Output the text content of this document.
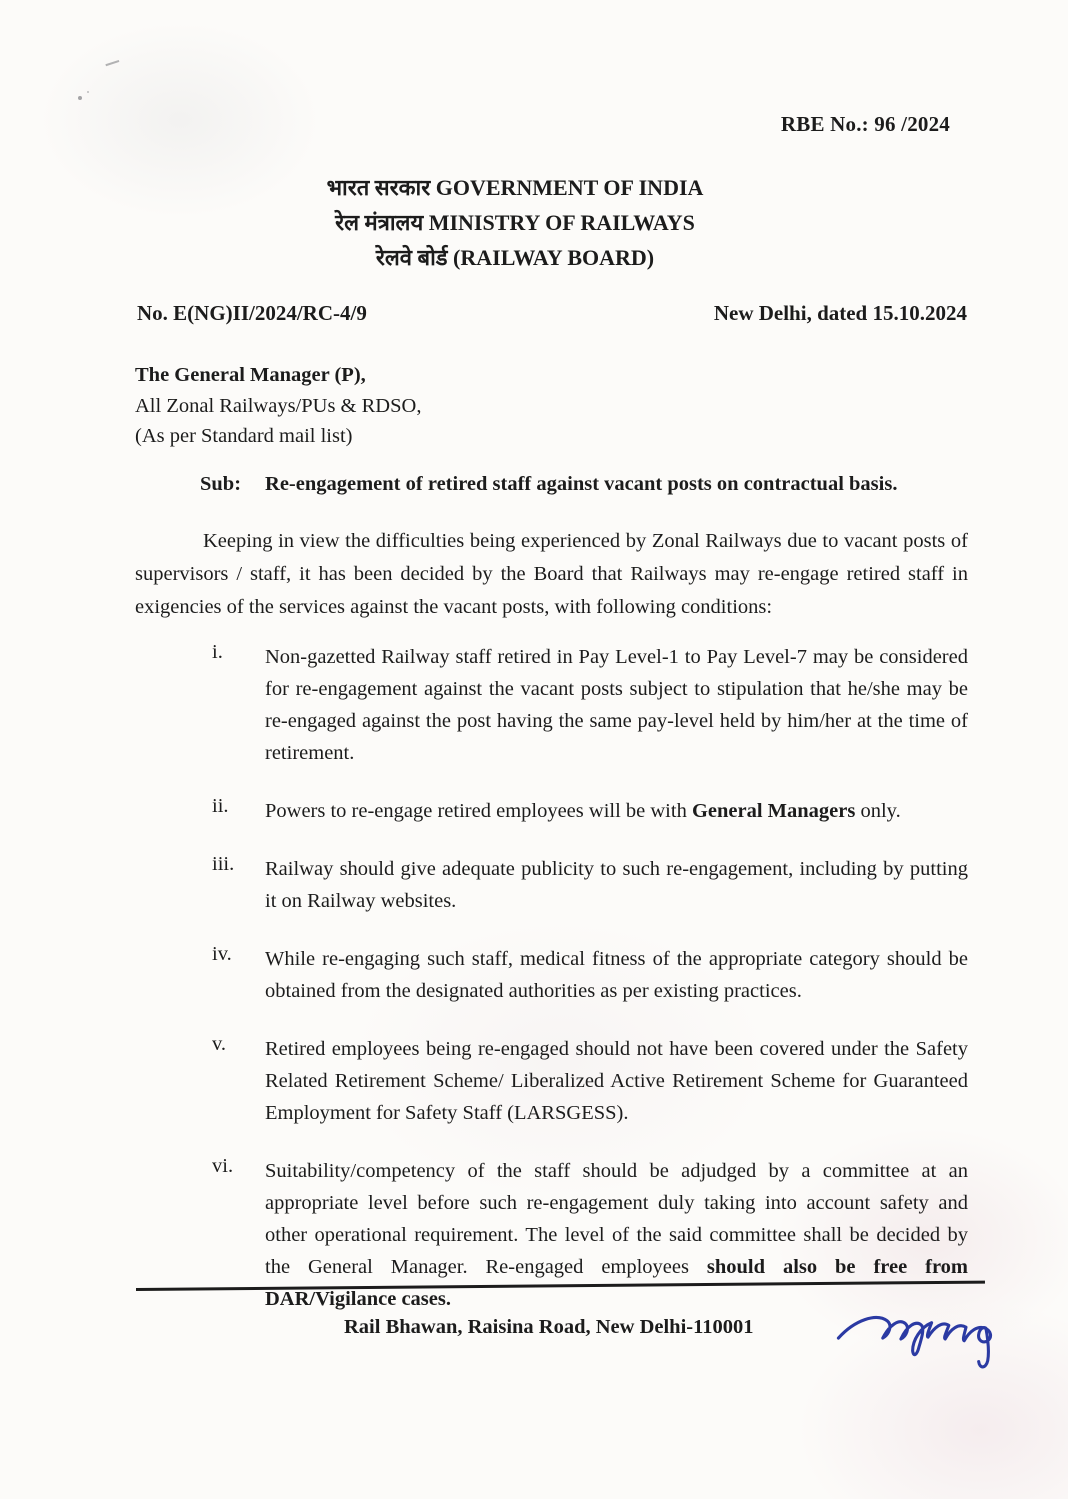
RBE No.: 96 /2024
भारत सरकार GOVERNMENT OF INDIA
रेल मंत्रालय MINISTRY OF RAILWAYS
रेलवे बोर्ड (RAILWAY BOARD)
No. E(NG)II/2024/RC-4/9	New Delhi, dated 15.10.2024
The General Manager (P),
All Zonal Railways/PUs & RDSO,
(As per Standard mail list)
Sub: Re-engagement of retired staff against vacant posts on contractual basis.
Keeping in view the difficulties being experienced by Zonal Railways due to vacant posts of supervisors / staff, it has been decided by the Board that Railways may re-engage retired staff in exigencies of the services against the vacant posts, with following conditions:
i.	Non-gazetted Railway staff retired in Pay Level-1 to Pay Level-7 may be considered for re-engagement against the vacant posts subject to stipulation that he/she may be re-engaged against the post having the same pay-level held by him/her at the time of retirement.
ii.	Powers to re-engage retired employees will be with General Managers only.
iii.	Railway should give adequate publicity to such re-engagement, including by putting it on Railway websites.
iv.	While re-engaging such staff, medical fitness of the appropriate category should be obtained from the designated authorities as per existing practices.
v.	Retired employees being re-engaged should not have been covered under the Safety Related Retirement Scheme/ Liberalized Active Retirement Scheme for Guaranteed Employment for Safety Staff (LARSGESS).
vi.	Suitability/competency of the staff should be adjudged by a committee at an appropriate level before such re-engagement duly taking into account safety and other operational requirement. The level of the said committee shall be decided by the General Manager. Re-engaged employees should also be free from DAR/Vigilance cases.
Rail Bhawan, Raisina Road, New Delhi-110001
